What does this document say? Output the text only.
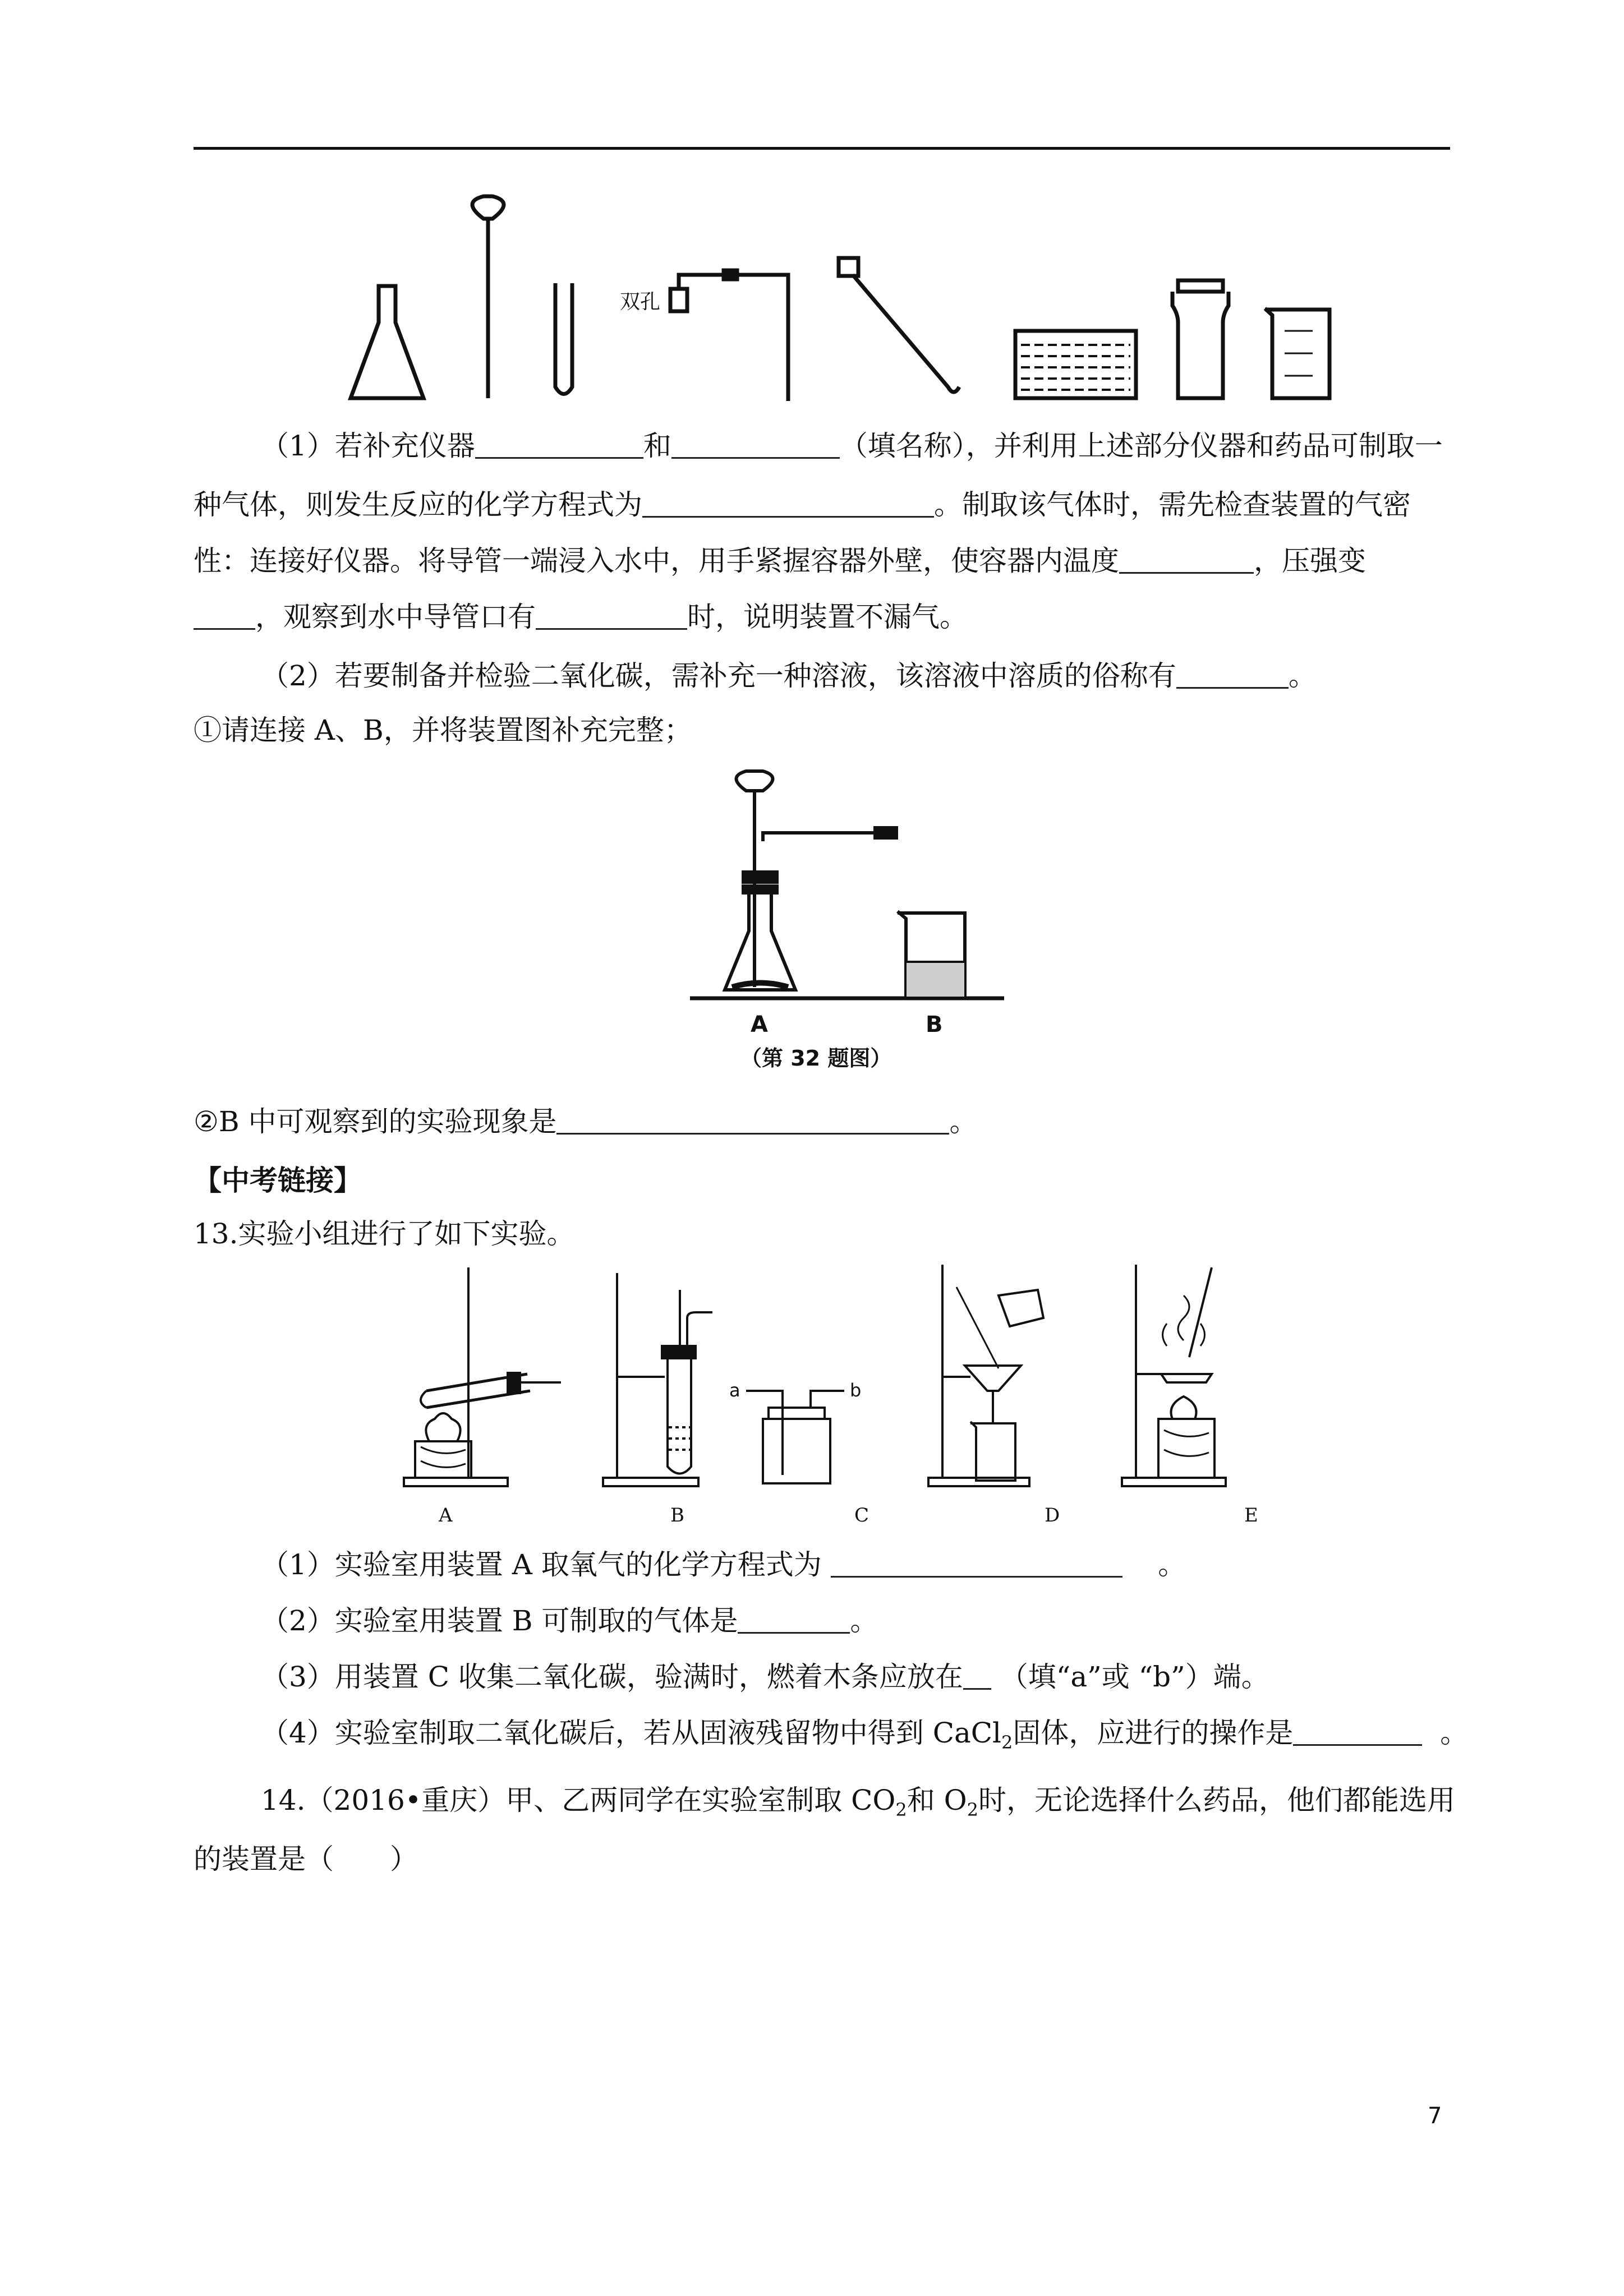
双孔
（1）若补充仪器	和	（填名称），并利用上述部分仪器和药品可制取一
种气体，则发生反应的化学方程式为	。制取该气体时，需先检查装置的气密
性：连接好仪器。将导管一端浸入水中，用手紧握容器外壁，使容器内温度	，压强变
，观察到水中导管口有	时，说明装置不漏气。
（2）若要制备并检验二氧化碳，需补充一种溶液，该溶液中溶质的俗称有	。
①请连接 A、B，并将装置图补充完整；
A	B
（第 32 题图）
②B 中可观察到的实验现象是	。
【中考链接】
13.实验小组进行了如下实验。
a	b
A	B	C	D	E
（1）实验室用装置 A 取氧气的化学方程式为	。
（2）实验室用装置 B 可制取的气体是	。
（3）用装置 C 收集二氧化碳，验满时，燃着木条应放在 （填“a”或 “b”）端。
（4）实验室制取二氧化碳后，若从固液残留物中得到 CaCl$_2$固体，应进行的操作是	。
14.（2016•重庆）甲、乙两同学在实验室制取 $CO_2$和 $O_2$时，无论选择什么药品，他们都能选用
的装置是（　　）
7
